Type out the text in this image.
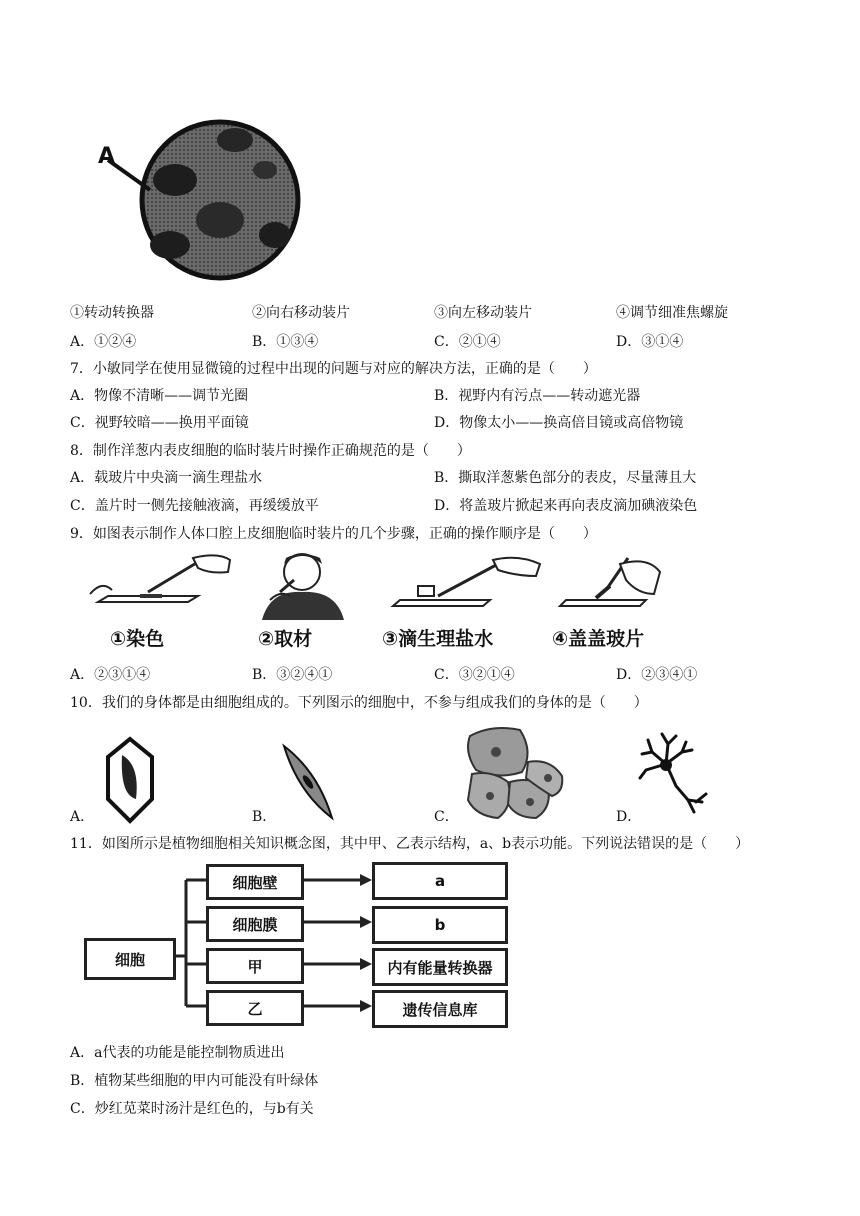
A
①转动转换器	②向右移动装片	③向左移动装片	④调节细准焦螺旋
A．①②④	B．①③④	C．②①④	D．③①④
7．小敏同学在使用显微镜的过程中出现的问题与对应的解决方法，正确的是（　　）
A．物像不清晰——调节光圈	B．视野内有污点——转动遮光器
C．视野较暗——换用平面镜	D．物像太小——换高倍目镜或高倍物镜
8．制作洋葱内表皮细胞的临时装片时操作正确规范的是（　　）
A．载玻片中央滴一滴生理盐水	B．撕取洋葱紫色部分的表皮，尽量薄且大
C．盖片时一侧先接触液滴，再缓缓放平	D．将盖玻片掀起来再向表皮滴加碘液染色
9．如图表示制作人体口腔上皮细胞临时装片的几个步骤，正确的操作顺序是（　　）
①染色	②取材	③滴生理盐水	④盖盖玻片
A．②③①④	B．③②④①	C．③②①④	D．②③④①
10．我们的身体都是由细胞组成的。下列图示的细胞中，不参与组成我们的身体的是（　　）
A．	B．	C．	D．
11．如图所示是植物细胞相关知识概念图，其中甲、乙表示结构，a、b表示功能。下列说法错误的是（　　）
细胞
细胞壁
细胞膜
甲
乙
a
b
内有能量转换器
遗传信息库
A．a代表的功能是能控制物质进出
B．植物某些细胞的甲内可能没有叶绿体
C．炒红苋菜时汤汁是红色的，与b有关
